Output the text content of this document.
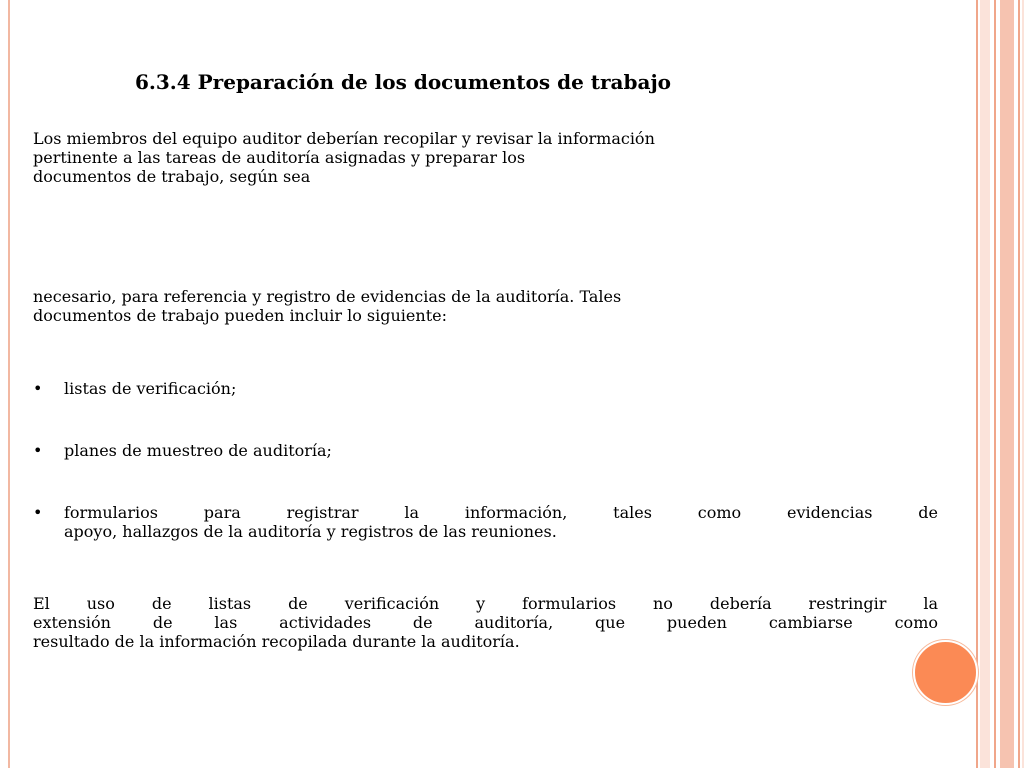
6.3.4 Preparación de los documentos de trabajo

Los miembros del equipo auditor deberían recopilar y revisar la información
pertinente a las tareas de auditoría asignadas y preparar los
documentos de trabajo, según sea

necesario, para referencia y registro de evidencias de la auditoría. Tales
documentos de trabajo pueden incluir lo siguiente:

•	listas de verificación;
•	planes de muestreo de auditoría;
•	formularios para registrar la información, tales como evidencias de
apoyo, hallazgos de la auditoría y registros de las reuniones.

El uso de listas de verificación y formularios no debería restringir la
extensión de las actividades de auditoría, que pueden cambiarse como
resultado de la información recopilada durante la auditoría.
